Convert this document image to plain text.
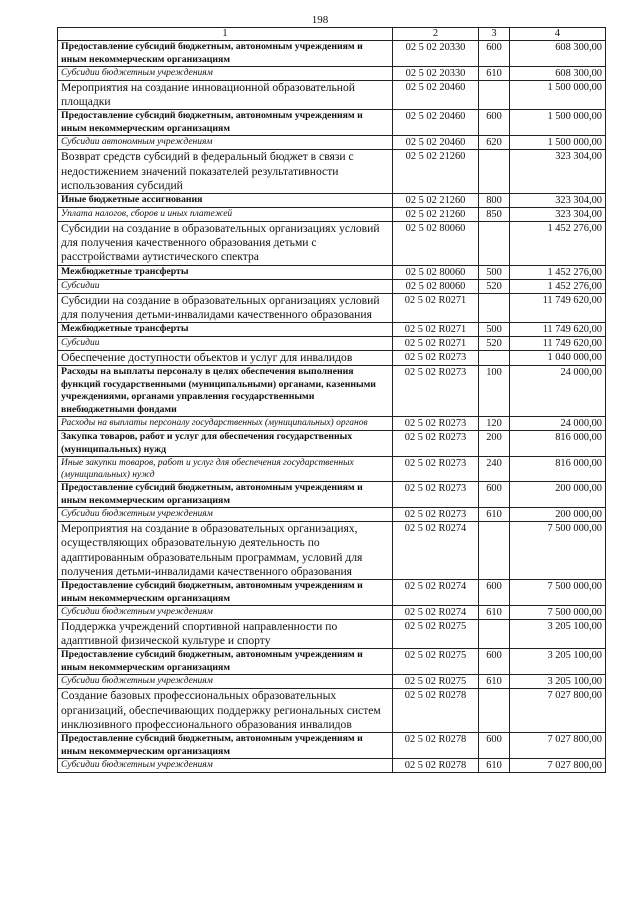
198
1	2	3	4
Предоставление субсидий бюджетным, автономным учреждениям и иным некоммерческим организациям	02 5 02 20330	600	608 300,00
Субсидии бюджетным учреждениям	02 5 02 20330	610	608 300,00
Мероприятия на создание инновационной образовательной площадки	02 5 02 20460		1 500 000,00
Предоставление субсидий бюджетным, автономным учреждениям и иным некоммерческим организациям	02 5 02 20460	600	1 500 000,00
Субсидии автономным учреждениям	02 5 02 20460	620	1 500 000,00
Возврат средств субсидий в федеральный бюджет в связи с недостижением значений показателей результативности использования субсидий	02 5 02 21260		323 304,00
Иные бюджетные ассигнования	02 5 02 21260	800	323 304,00
Уплата налогов, сборов и иных платежей	02 5 02 21260	850	323 304,00
Субсидии на создание в образовательных организациях условий для получения качественного образования детьми с расстройствами аутистического спектра	02 5 02 80060		1 452 276,00
Межбюджетные трансферты	02 5 02 80060	500	1 452 276,00
Субсидии	02 5 02 80060	520	1 452 276,00
Субсидии на создание в образовательных организациях условий для получения детьми-инвалидами качественного образования	02 5 02 R0271		11 749 620,00
Межбюджетные трансферты	02 5 02 R0271	500	11 749 620,00
Субсидии	02 5 02 R0271	520	11 749 620,00
Обеспечение доступности объектов и услуг для инвалидов	02 5 02 R0273		1 040 000,00
Расходы на выплаты персоналу в целях обеспечения выполнения функций государственными (муниципальными) органами, казенными учреждениями, органами управления государственными внебюджетными фондами	02 5 02 R0273	100	24 000,00
Расходы на выплаты персоналу государственных (муниципальных) органов	02 5 02 R0273	120	24 000,00
Закупка товаров, работ и услуг для обеспечения государственных (муниципальных) нужд	02 5 02 R0273	200	816 000,00
Иные закупки товаров, работ и услуг для обеспечения государственных (муниципальных) нужд	02 5 02 R0273	240	816 000,00
Предоставление субсидий бюджетным, автономным учреждениям и иным некоммерческим организациям	02 5 02 R0273	600	200 000,00
Субсидии бюджетным учреждениям	02 5 02 R0273	610	200 000,00
Мероприятия на создание в образовательных организациях, осуществляющих образовательную деятельность по адаптированным образовательным программам, условий для получения детьми-инвалидами качественного образования	02 5 02 R0274		7 500 000,00
Предоставление субсидий бюджетным, автономным учреждениям и иным некоммерческим организациям	02 5 02 R0274	600	7 500 000,00
Субсидии бюджетным учреждениям	02 5 02 R0274	610	7 500 000,00
Поддержка учреждений спортивной направленности по адаптивной физической культуре и спорту	02 5 02 R0275		3 205 100,00
Предоставление субсидий бюджетным, автономным учреждениям и иным некоммерческим организациям	02 5 02 R0275	600	3 205 100,00
Субсидии бюджетным учреждениям	02 5 02 R0275	610	3 205 100,00
Создание базовых профессиональных образовательных организаций, обеспечивающих поддержку региональных систем инклюзивного профессионального образования инвалидов	02 5 02 R0278		7 027 800,00
Предоставление субсидий бюджетным, автономным учреждениям и иным некоммерческим организациям	02 5 02 R0278	600	7 027 800,00
Субсидии бюджетным учреждениям	02 5 02 R0278	610	7 027 800,00
